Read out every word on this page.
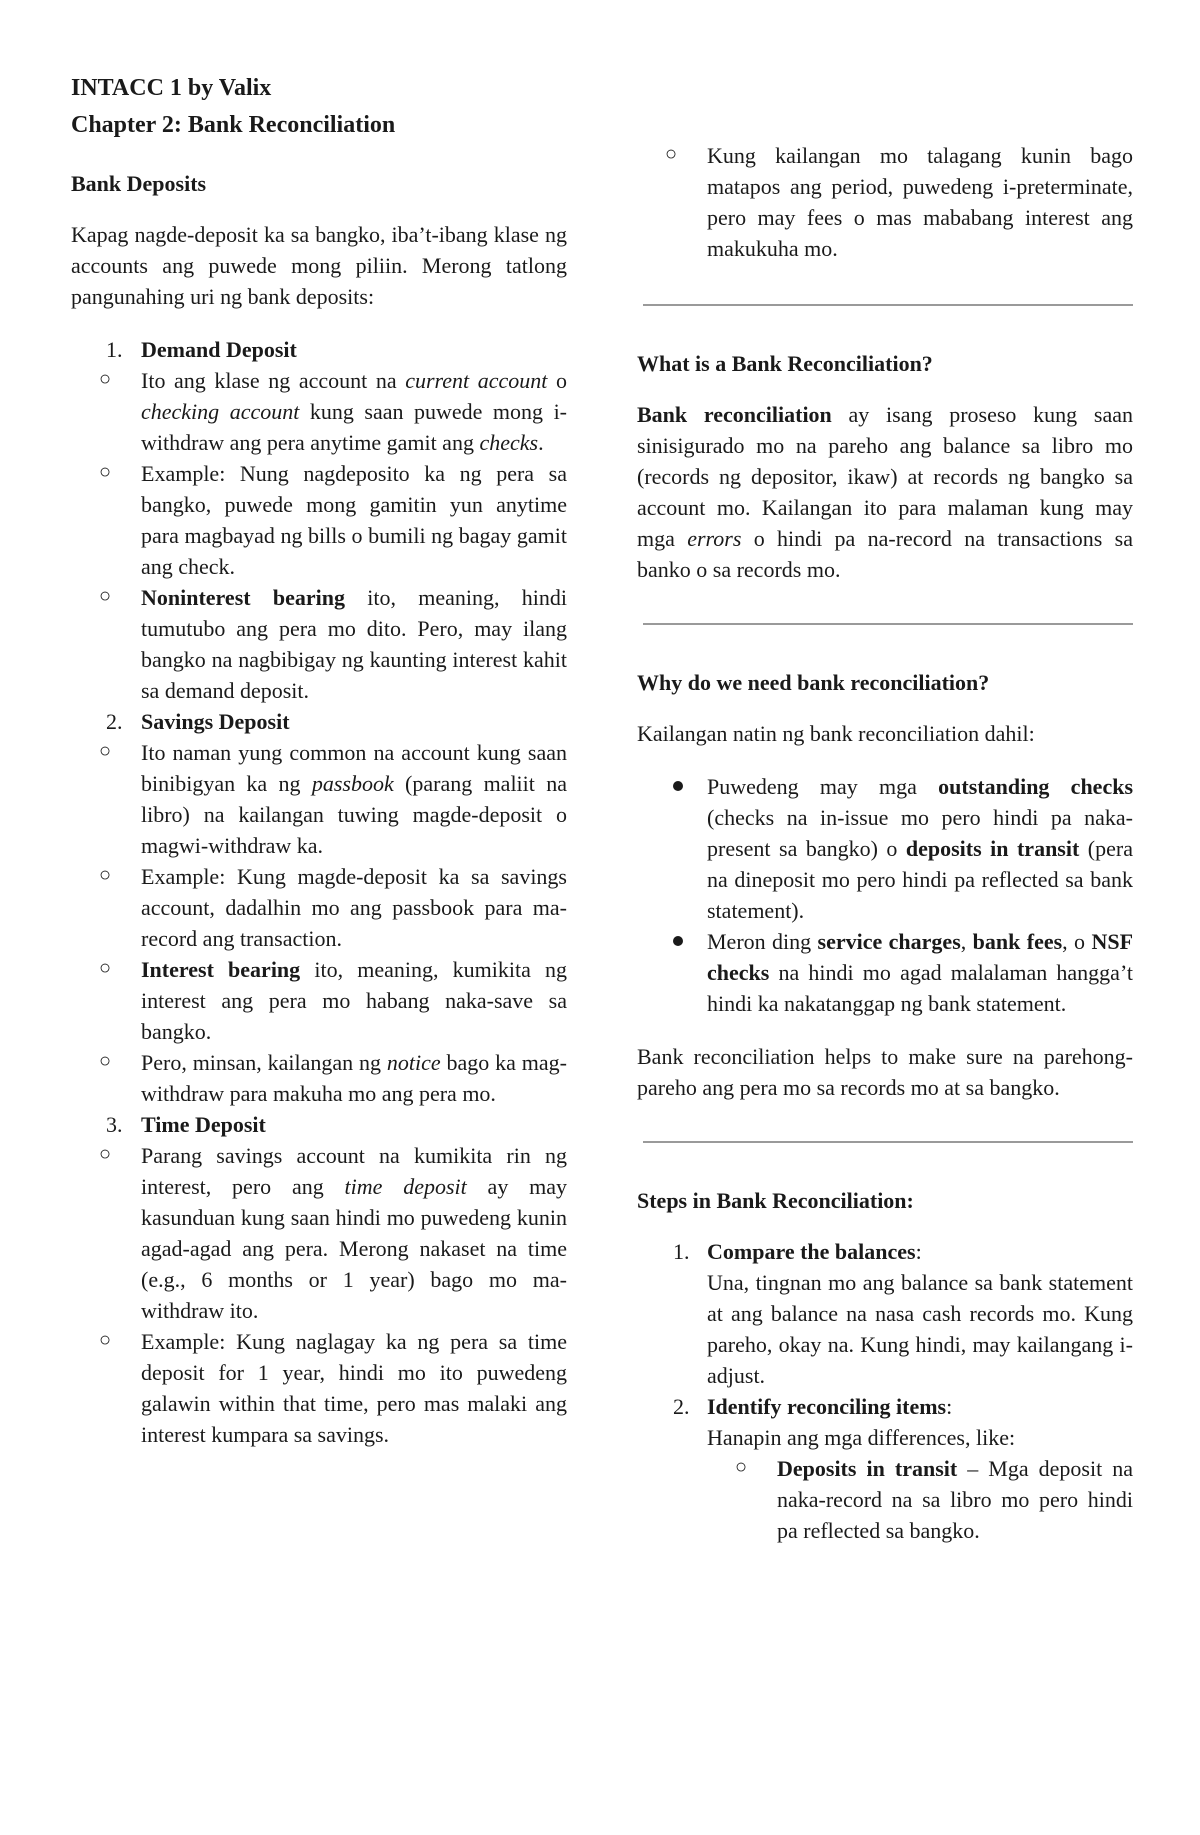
INTACC 1 by Valix
Chapter 2: Bank Reconciliation
Bank Deposits

Kapag nagde-deposit ka sa bangko, iba’t-ibang klase ng accounts ang puwede mong piliin. Merong tatlong pangunahing uri ng bank deposits:

1. Demand Deposit
○ Ito ang klase ng account na current account o checking account kung saan puwede mong i-withdraw ang pera anytime gamit ang checks.
○ Example: Nung nagdeposito ka ng pera sa bangko, puwede mong gamitin yun anytime para magbayad ng bills o bumili ng bagay gamit ang check.
○ Noninterest bearing ito, meaning, hindi tumutubo ang pera mo dito. Pero, may ilang bangko na nagbibigay ng kaunting interest kahit sa demand deposit.
2. Savings Deposit
○ Ito naman yung common na account kung saan binibigyan ka ng passbook (parang maliit na libro) na kailangan tuwing magde-deposit o magwi-withdraw ka.
○ Example: Kung magde-deposit ka sa savings account, dadalhin mo ang passbook para ma-record ang transaction.
○ Interest bearing ito, meaning, kumikita ng interest ang pera mo habang naka-save sa bangko.
○ Pero, minsan, kailangan ng notice bago ka mag-withdraw para makuha mo ang pera mo.
3. Time Deposit
○ Parang savings account na kumikita rin ng interest, pero ang time deposit ay may kasunduan kung saan hindi mo puwedeng kunin agad-agad ang pera. Merong nakaset na time (e.g., 6 months or 1 year) bago mo ma-withdraw ito.
○ Example: Kung naglagay ka ng pera sa time deposit for 1 year, hindi mo ito puwedeng galawin within that time, pero mas malaki ang interest kumpara sa savings.
○ Kung kailangan mo talagang kunin bago matapos ang period, puwedeng i-preterminate, pero may fees o mas mababang interest ang makukuha mo.
What is a Bank Reconciliation?

Bank reconciliation ay isang proseso kung saan sinisigurado mo na pareho ang balance sa libro mo (records ng depositor, ikaw) at records ng bangko sa account mo. Kailangan ito para malaman kung may mga errors o hindi pa na-record na transactions sa banko o sa records mo.

Why do we need bank reconciliation?

Kailangan natin ng bank reconciliation dahil:

Puwedeng may mga outstanding checks (checks na in-issue mo pero hindi pa naka-present sa bangko) o deposits in transit (pera na dineposit mo pero hindi pa reflected sa bank statement).
Meron ding service charges, bank fees, o NSF checks na hindi mo agad malalaman hangga’t hindi ka nakatanggap ng bank statement.

Bank reconciliation helps to make sure na parehong-pareho ang pera mo sa records mo at sa bangko.

Steps in Bank Reconciliation:
1. Compare the balances:
Una, tingnan mo ang balance sa bank statement at ang balance na nasa cash records mo. Kung pareho, okay na. Kung hindi, may kailangang i-adjust.
2. Identify reconciling items:
Hanapin ang mga differences, like:
○ Deposits in transit – Mga deposit na naka-record na sa libro mo pero hindi pa reflected sa bangko.
